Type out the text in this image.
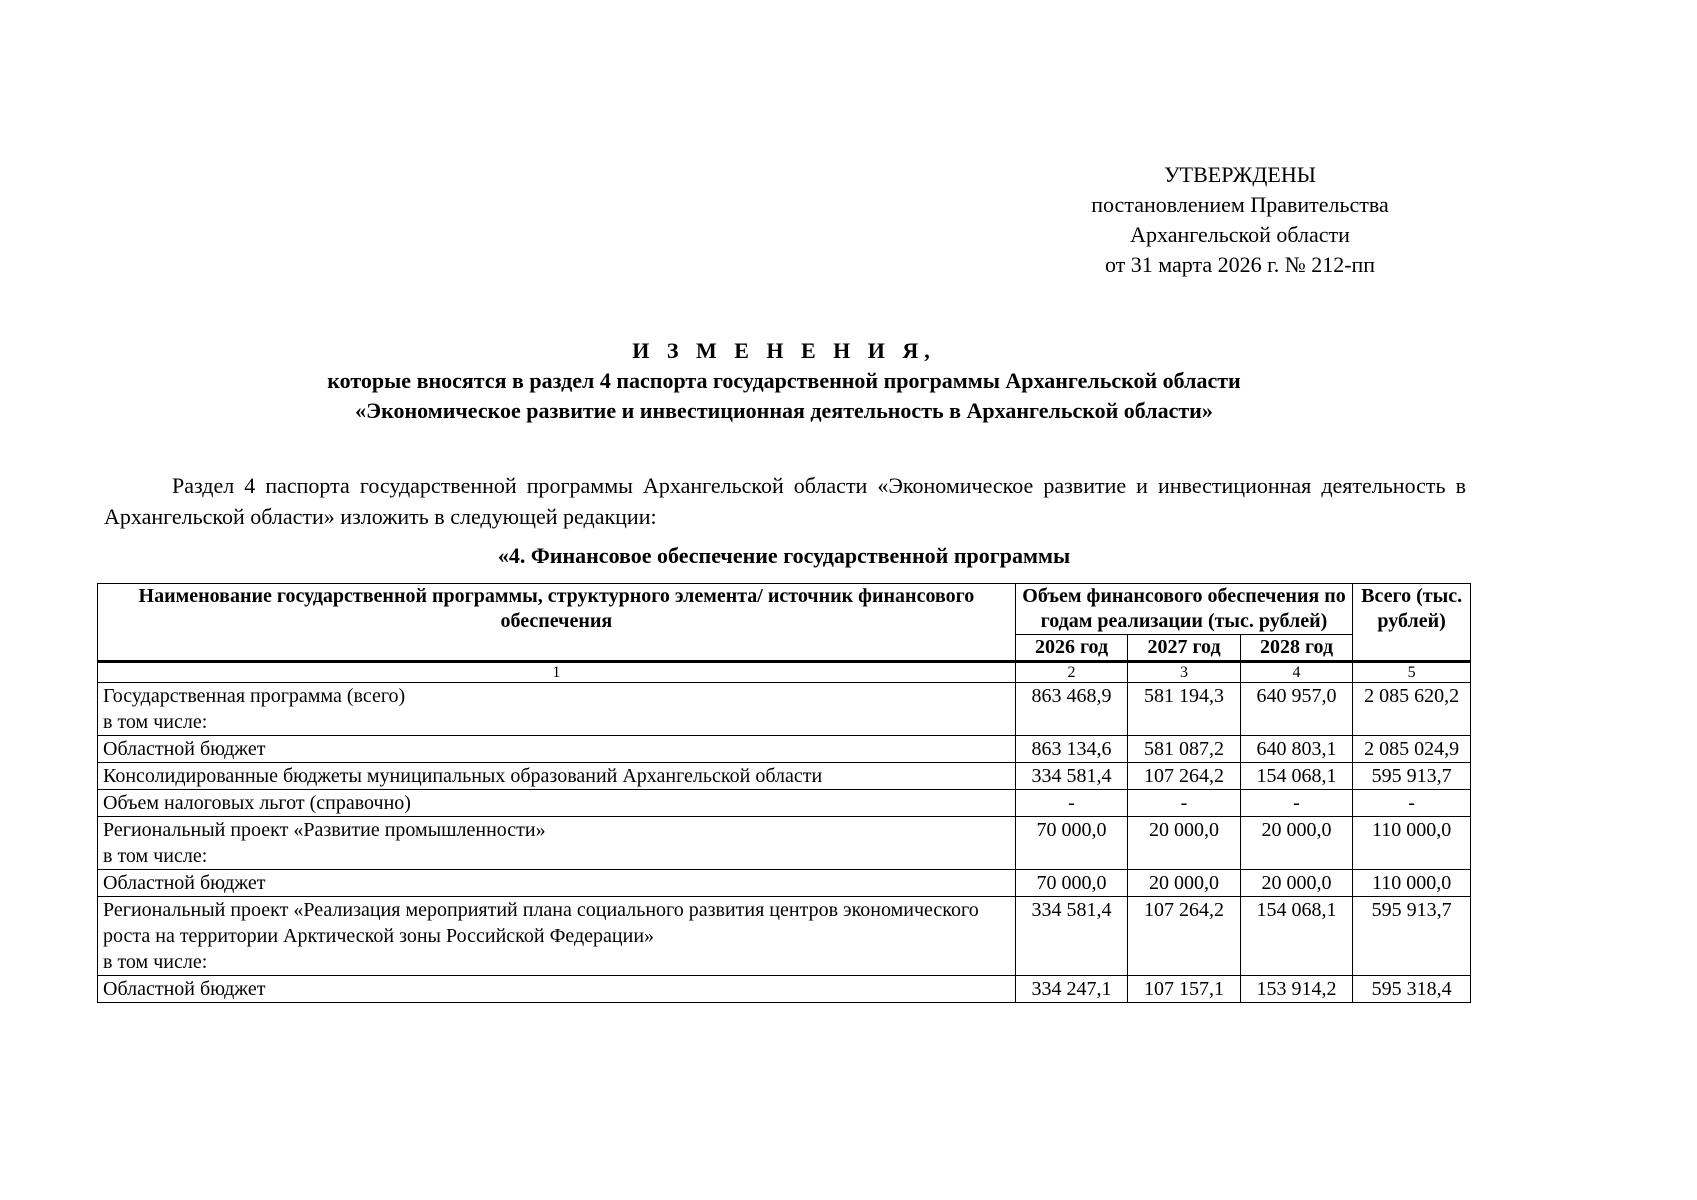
УТВЕРЖДЕНЫ
постановлением Правительства
Архангельской области
от 31 марта 2026 г. № 212-пп
И З М Е Н Е Н И Я,
которые вносятся в раздел 4 паспорта государственной программы Архангельской области
«Экономическое развитие и инвестиционная деятельность в Архангельской области»
Раздел 4 паспорта государственной программы Архангельской области «Экономическое развитие и инвестиционная деятельность в Архангельской области» изложить в следующей редакции:
«4. Финансовое обеспечение государственной программы
Наименование государственной программы, структурного элемента/ источник финансового обеспечения	Объем финансового обеспечения по годам реализации (тыс. рублей)			Всего (тыс. рублей)
	2026 год	2027 год	2028 год	
1	2	3	4	5
Государственная программа (всего)
в том числе:	863 468,9	581 194,3	640 957,0	2 085 620,2
Областной бюджет	863 134,6	581 087,2	640 803,1	2 085 024,9
Консолидированные бюджеты муниципальных образований Архангельской области	334 581,4	107 264,2	154 068,1	595 913,7
Объем налоговых льгот (справочно)	-	-	-	-
Региональный проект «Развитие промышленности»
в том числе:	70 000,0	20 000,0	20 000,0	110 000,0
Областной бюджет	70 000,0	20 000,0	20 000,0	110 000,0
Региональный проект «Реализация мероприятий плана социального развития центров экономического роста на территории Арктической зоны Российской Федерации»
в том числе:	334 581,4	107 264,2	154 068,1	595 913,7
Областной бюджет	334 247,1	107 157,1	153 914,2	595 318,4
